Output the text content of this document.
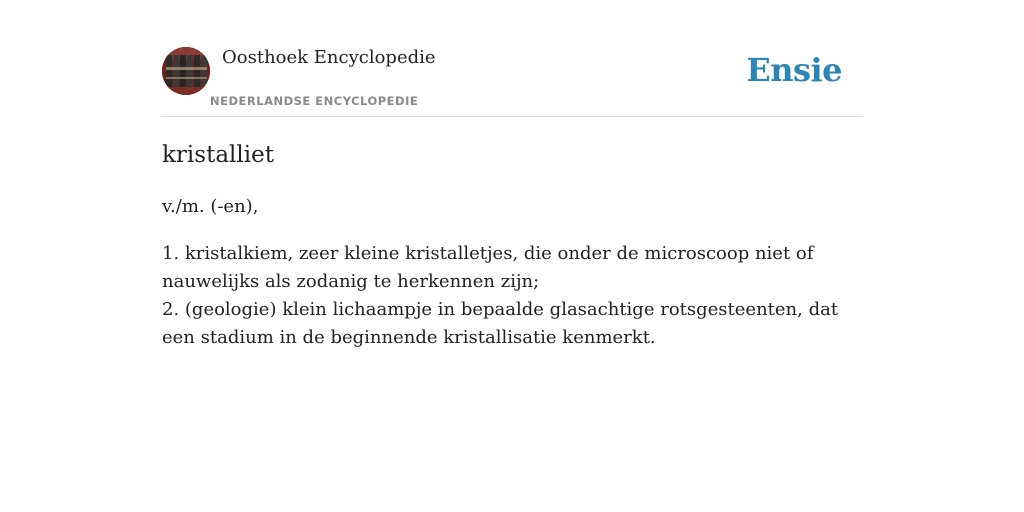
Oosthoek Encyclopedie
NEDERLANDSE ENCYCLOPEDIE
Ensie
kristalliet
v./m. (-en),

1. kristalkiem, zeer kleine kristalletjes, die onder de microscoop niet of nauwelijks als zodanig te herkennen zijn;

2. (geologie) klein lichaampje in bepaalde glasachtige rotsgesteenten, dat een stadium in de beginnende kristallisatie kenmerkt.
